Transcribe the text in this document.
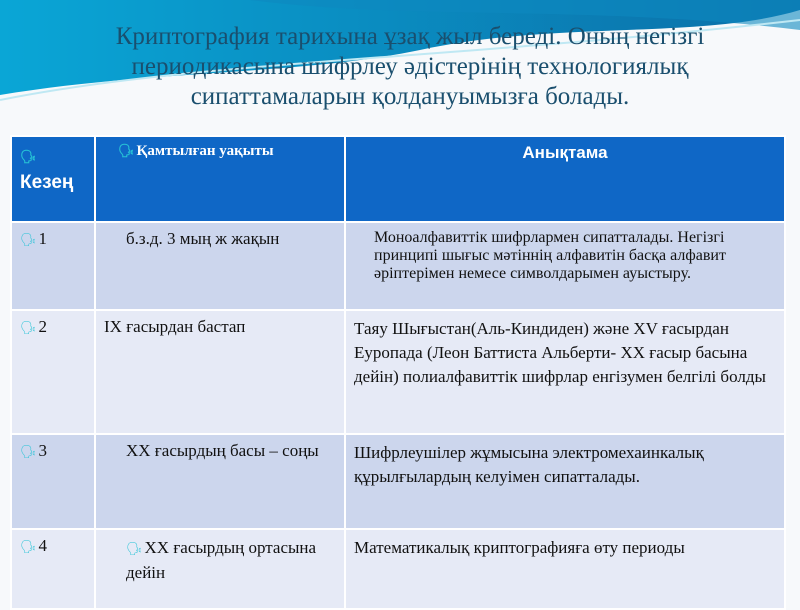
Криптография тарихына ұзақ жыл береді. Оның негізгі периодикасына шифрлеу әдістерінің технологиялық сипаттамаларын қолдануымызға болады.
🗣Кезең	🗣 Қамтылған уақыты	Анықтама
🗣 1	б.з.д. 3 мың ж жақын	Моноалфавиттік шифрлармен сипатталады. Негізгі принципі шығыс мәтіннің алфавитін басқа алфавит әріптерімен немесе символдарымен ауыстыру.
🗣 2	IX ғасырдан бастап	Таяу Шығыстан(Аль-Киндиден) және XV ғасырдан Еуропада (Леон Баттиста Альберти- XX ғасыр басына дейін) полиалфавиттік шифрлар енгізумен белгілі болды
🗣 3	XX ғасырдың басы – соңы	Шифрлеушілер жұмысына электромехаинкалық құрылғылардың келуімен сипатталады.
🗣 4	🗣 XX ғасырдың ортасына дейін	Математикалық криптографияға өту периоды
